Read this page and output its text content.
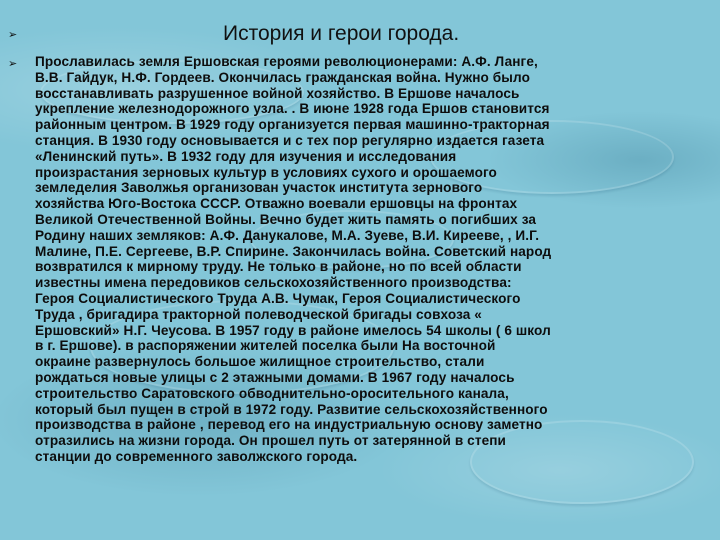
➢	История и герои города.
➢ Прославилась земля Ершовская героями революционерами: А.Ф. Ланге,
В.В. Гайдук, Н.Ф. Гордеев. Окончилась гражданская война. Нужно было
восстанавливать разрушенное войной хозяйство. В Ершове началось
укрепление железнодорожного узла. . В июне 1928 года Ершов становится
районным центром. В 1929 году организуется первая машинно-тракторная
станция. В 1930 году основывается и с тех пор регулярно издается газета
«Ленинский путь». В 1932 году для изучения и исследования
произрастания зерновых культур в условиях сухого и орошаемого
земледелия Заволжья организован участок института зернового
хозяйства Юго-Востока СССР. Отважно воевали ершовцы на фронтах
Великой Отечественной Войны. Вечно будет жить память о погибших за
Родину наших земляков: А.Ф. Данукалове, М.А. Зуеве, В.И. Кирееве, , И.Г.
Малине, П.Е. Сергееве, В.Р. Спирине. Закончилась война. Советский народ
возвратился к мирному труду. Не только в районе, но по всей области
известны имена передовиков сельскохозяйственного производства:
Героя Социалистического Труда А.В. Чумак, Героя Социалистического
Труда , бригадира тракторной полеводческой бригады совхоза «
Ершовский» Н.Г. Чеусова. В 1957 году в районе имелось 54 школы ( 6 школ
в г. Ершове). в распоряжении жителей поселка были На восточной
окраине развернулось большое жилищное строительство, стали
рождаться новые улицы с 2 этажными домами. В 1967 году началось
строительство Саратовского обводнительно-оросительного канала,
который был пущен в строй в 1972 году. Развитие сельскохозяйственного
производства в районе , перевод его на индустриальную основу заметно
отразились на жизни города. Он прошел путь от затерянной в степи
станции до современного заволжского города.
